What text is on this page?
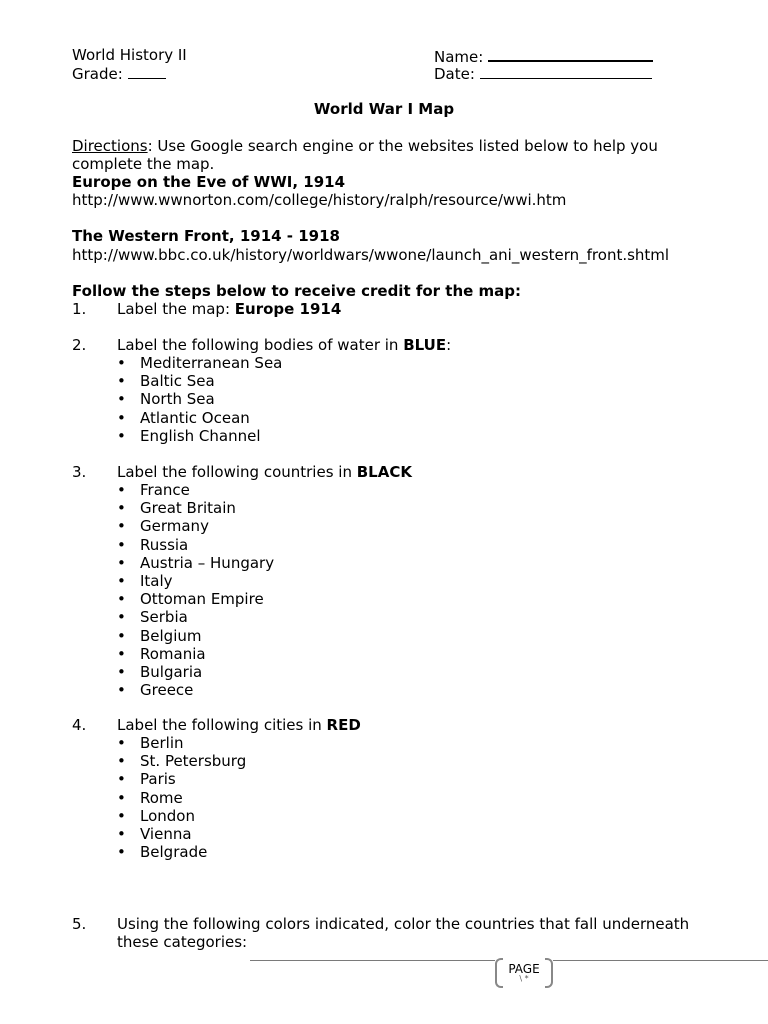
World History II
Grade:
Name:
Date:
World War I Map
Directions: Use Google search engine or the websites listed below to help you
complete the map.
Europe on the Eve of WWI, 1914
http://www.wwnorton.com/college/history/ralph/resource/wwi.htm
The Western Front, 1914 - 1918
http://www.bbc.co.uk/history/worldwars/wwone/launch_ani_western_front.shtml
Follow the steps below to receive credit for the map:
1. Label the map: Europe 1914
2. Label the following bodies of water in BLUE:
• Mediterranean Sea
• Baltic Sea
• North Sea
• Atlantic Ocean
• English Channel
3. Label the following countries in BLACK
• France
• Great Britain
• Germany
• Russia
• Austria – Hungary
• Italy
• Ottoman Empire
• Serbia
• Belgium
• Romania
• Bulgaria
• Greece
4. Label the following cities in RED
• Berlin
• St. Petersburg
• Paris
• Rome
• London
• Vienna
• Belgrade
5. Using the following colors indicated, color the countries that fall underneath
these categories:
PAGE
\ *
